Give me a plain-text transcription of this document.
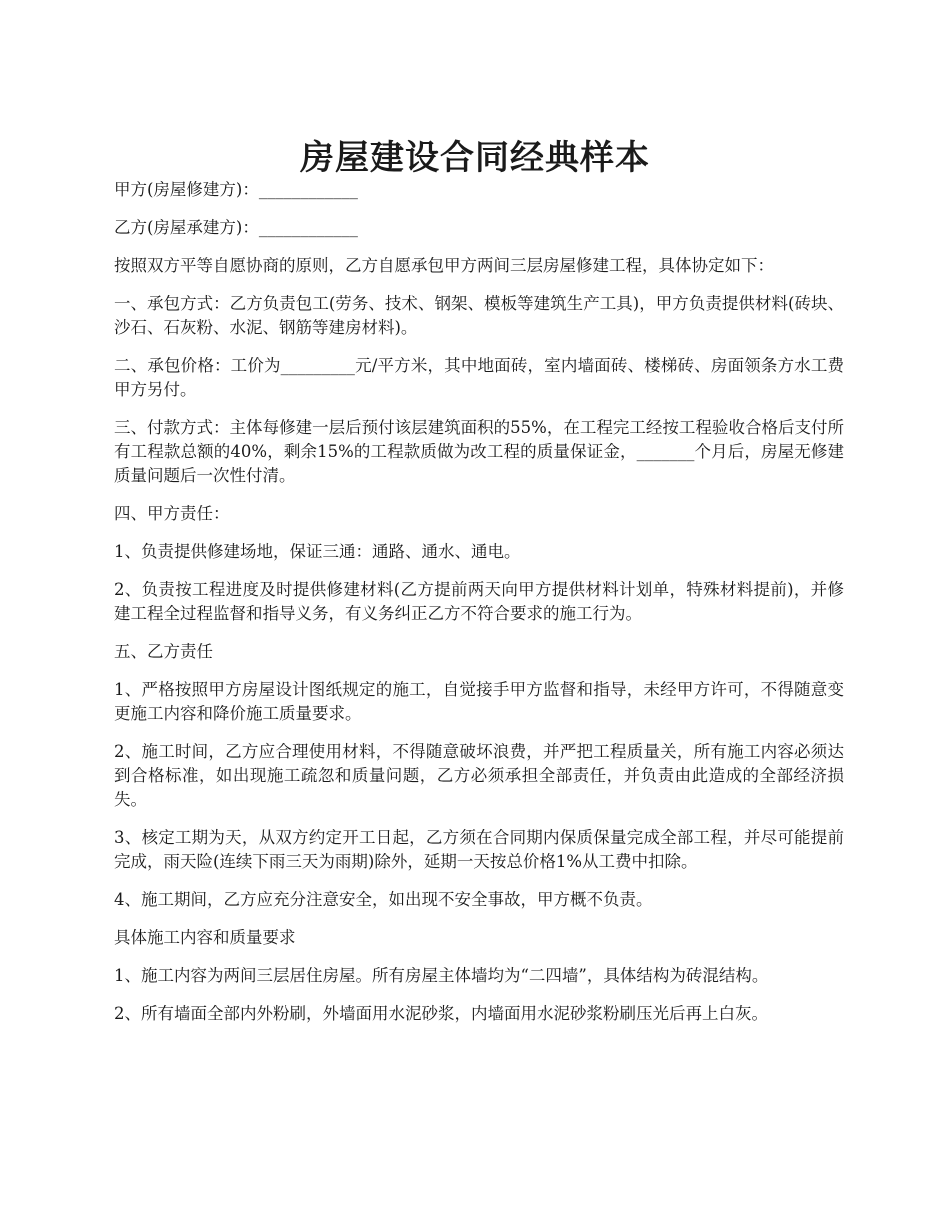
房屋建设合同经典样本

甲方(房屋修建方)：____________

乙方(房屋承建方)：____________

按照双方平等自愿协商的原则，乙方自愿承包甲方两间三层房屋修建工程，具体协定如下：

一、承包方式：乙方负责包工(劳务、技术、钢架、模板等建筑生产工具)，甲方负责提供材料(砖块、沙石、石灰粉、水泥、钢筋等建房材料)。

二、承包价格：工价为_________元/平方米，其中地面砖，室内墙面砖、楼梯砖、房面领条方水工费甲方另付。

三、付款方式：主体每修建一层后预付该层建筑面积的55%，在工程完工经按工程验收合格后支付所有工程款总额的40%，剩余15%的工程款质做为改工程的质量保证金，_______个月后，房屋无修建质量问题后一次性付清。

四、甲方责任：

1、负责提供修建场地，保证三通：通路、通水、通电。

2、负责按工程进度及时提供修建材料(乙方提前两天向甲方提供材料计划单，特殊材料提前)，并修建工程全过程监督和指导义务，有义务纠正乙方不符合要求的施工行为。

五、乙方责任

1、严格按照甲方房屋设计图纸规定的施工，自觉接手甲方监督和指导，未经甲方许可，不得随意变更施工内容和降价施工质量要求。

2、施工时间，乙方应合理使用材料，不得随意破坏浪费，并严把工程质量关，所有施工内容必须达到合格标准，如出现施工疏忽和质量问题，乙方必须承担全部责任，并负责由此造成的全部经济损失。

3、核定工期为天，从双方约定开工日起，乙方须在合同期内保质保量完成全部工程，并尽可能提前完成，雨天险(连续下雨三天为雨期)除外，延期一天按总价格1%从工费中扣除。

4、施工期间，乙方应充分注意安全，如出现不安全事故，甲方概不负责。

具体施工内容和质量要求

1、施工内容为两间三层居住房屋。所有房屋主体墙均为“二四墙”，具体结构为砖混结构。

2、所有墙面全部内外粉刷，外墙面用水泥砂浆，内墙面用水泥砂浆粉刷压光后再上白灰。
